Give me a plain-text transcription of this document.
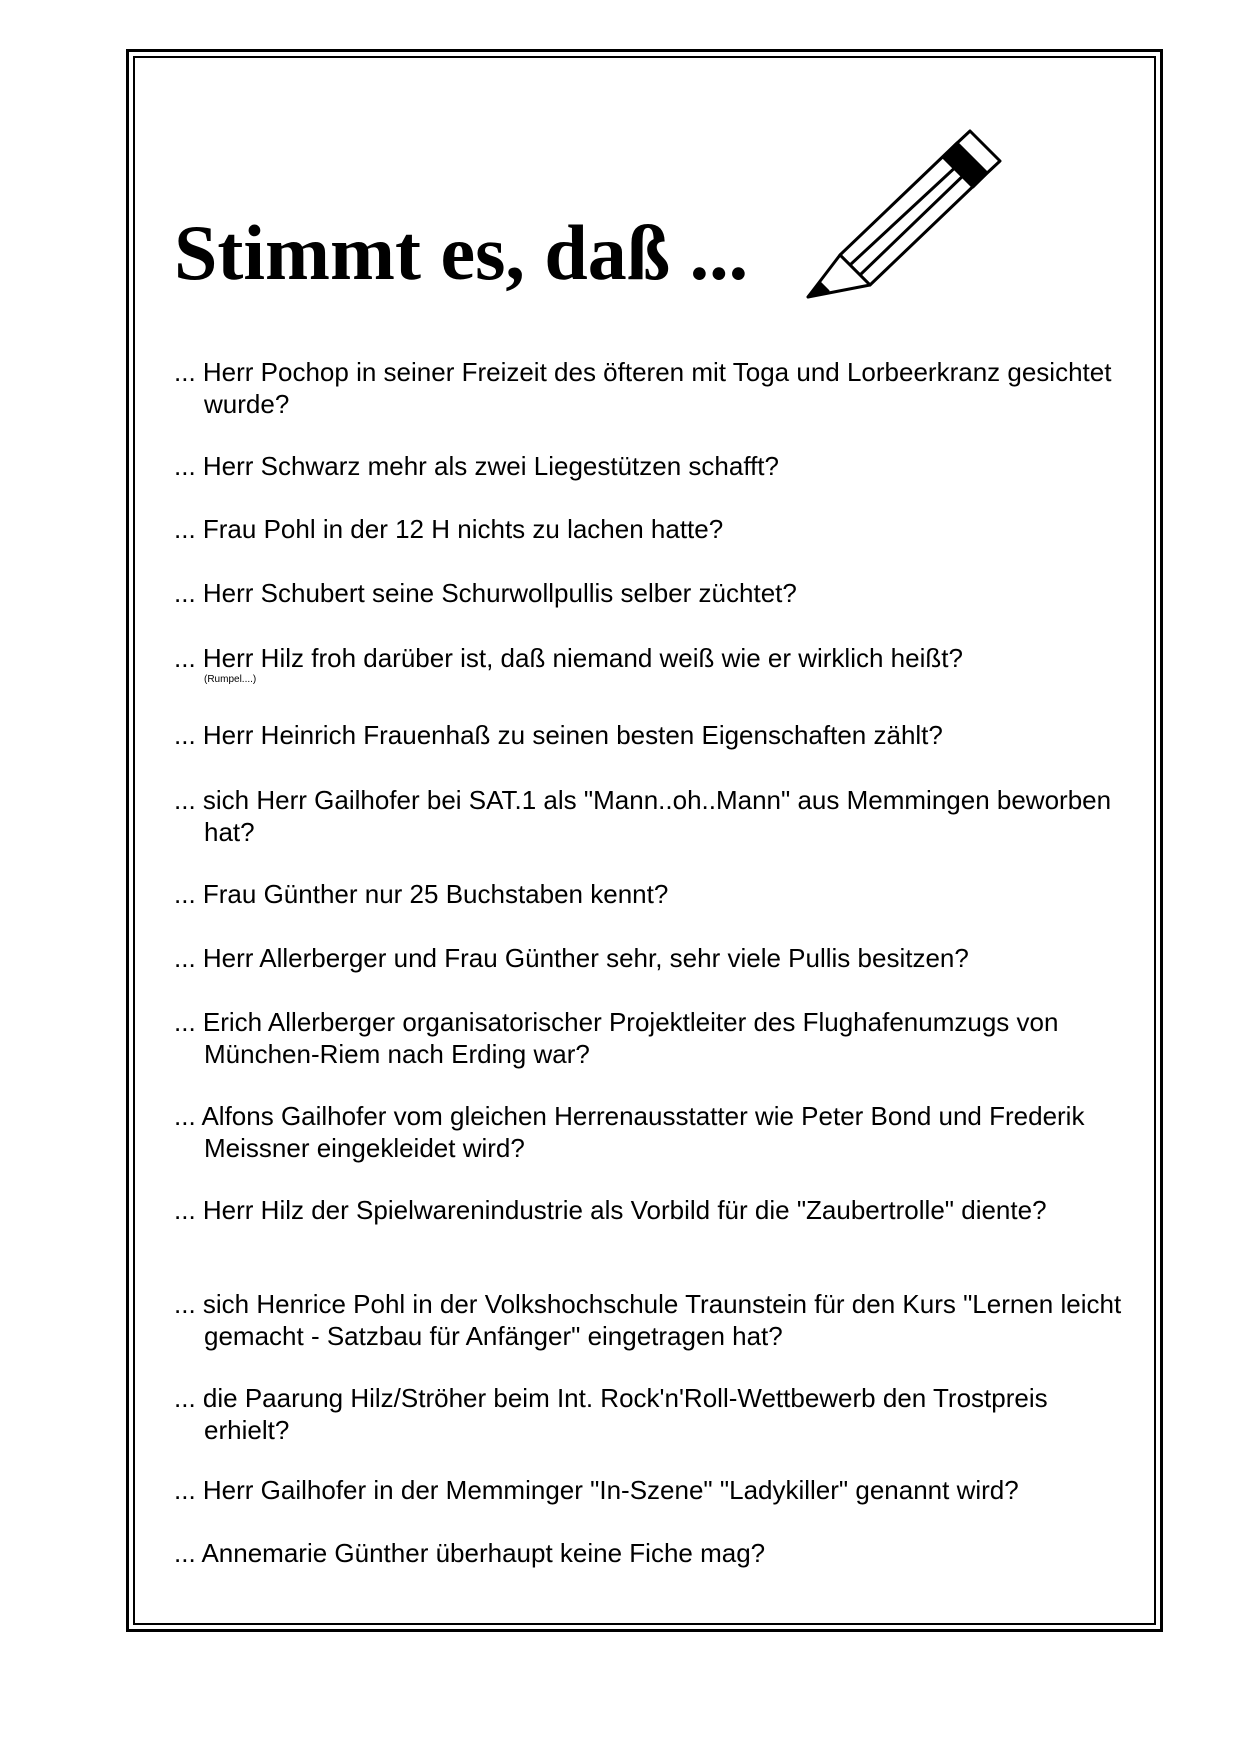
Stimmt es, daß ...
... Herr Pochop in seiner Freizeit des öfteren mit Toga und Lorbeerkranz gesichtet wurde?
... Herr Schwarz mehr als zwei Liegestützen schafft?
... Frau Pohl in der 12 H nichts zu lachen hatte?
... Herr Schubert seine Schurwollpullis selber züchtet?
... Herr Hilz froh darüber ist, daß niemand weiß wie er wirklich heißt?
(Rumpel....)
... Herr Heinrich Frauenhaß zu seinen besten Eigenschaften zählt?
... sich Herr Gailhofer bei SAT.1 als "Mann..oh..Mann" aus Memmingen beworben hat?
... Frau Günther nur 25 Buchstaben kennt?
... Herr Allerberger und Frau Günther sehr, sehr viele Pullis besitzen?
... Erich Allerberger organisatorischer Projektleiter des Flughafenumzugs von München-Riem nach Erding war?
... Alfons Gailhofer vom gleichen Herrenausstatter wie Peter Bond und Frederik Meissner eingekleidet wird?
... Herr Hilz der Spielwarenindustrie als Vorbild für die "Zaubertrolle" diente?
... sich Henrice Pohl in der Volkshochschule Traunstein für den Kurs "Lernen leicht gemacht - Satzbau für Anfänger" eingetragen hat?
... die Paarung Hilz/Ströher beim Int. Rock'n'Roll-Wettbewerb den Trostpreis erhielt?
... Herr Gailhofer in der Memminger "In-Szene" "Ladykiller" genannt wird?
... Annemarie Günther überhaupt keine Fiche mag?
